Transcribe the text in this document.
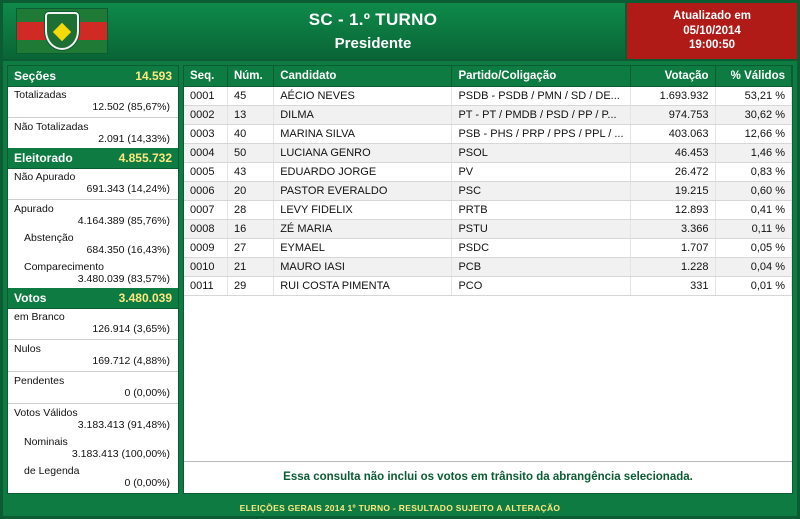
SC - 1.º TURNO
Presidente
Atualizado em
05/10/2014
19:00:50
Seções	14.593
Totalizadas
12.502 (85,67%)
Não Totalizadas
2.091 (14,33%)
Eleitorado	4.855.732
Não Apurado
691.343 (14,24%)
Apurado
4.164.389 (85,76%)
Abstenção
684.350 (16,43%)
Comparecimento
3.480.039 (83,57%)
Votos	3.480.039
em Branco
126.914 (3,65%)
Nulos
169.712 (4,88%)
Pendentes
0 (0,00%)
Votos Válidos
3.183.413 (91,48%)
Nominais
3.183.413 (100,00%)
de Legenda
0 (0,00%)
Seq.	Núm.	Candidato	Partido/Coligação	Votação	% Válidos
0001	45	AÉCIO NEVES	PSDB - PSDB / PMN / SD / DE...	1.693.932	53,21 %
0002	13	DILMA	PT - PT / PMDB / PSD / PP / P...	974.753	30,62 %
0003	40	MARINA SILVA	PSB - PHS / PRP / PPS / PPL / ...	403.063	12,66 %
0004	50	LUCIANA GENRO	PSOL	46.453	1,46 %
0005	43	EDUARDO JORGE	PV	26.472	0,83 %
0006	20	PASTOR EVERALDO	PSC	19.215	0,60 %
0007	28	LEVY FIDELIX	PRTB	12.893	0,41 %
0008	16	ZÉ MARIA	PSTU	3.366	0,11 %
0009	27	EYMAEL	PSDC	1.707	0,05 %
0010	21	MAURO IASI	PCB	1.228	0,04 %
0011	29	RUI COSTA PIMENTA	PCO	331	0,01 %
Essa consulta não inclui os votos em trânsito da abrangência selecionada.
ELEIÇÕES GERAIS 2014 1º TURNO - RESULTADO SUJEITO A ALTERAÇÃO
